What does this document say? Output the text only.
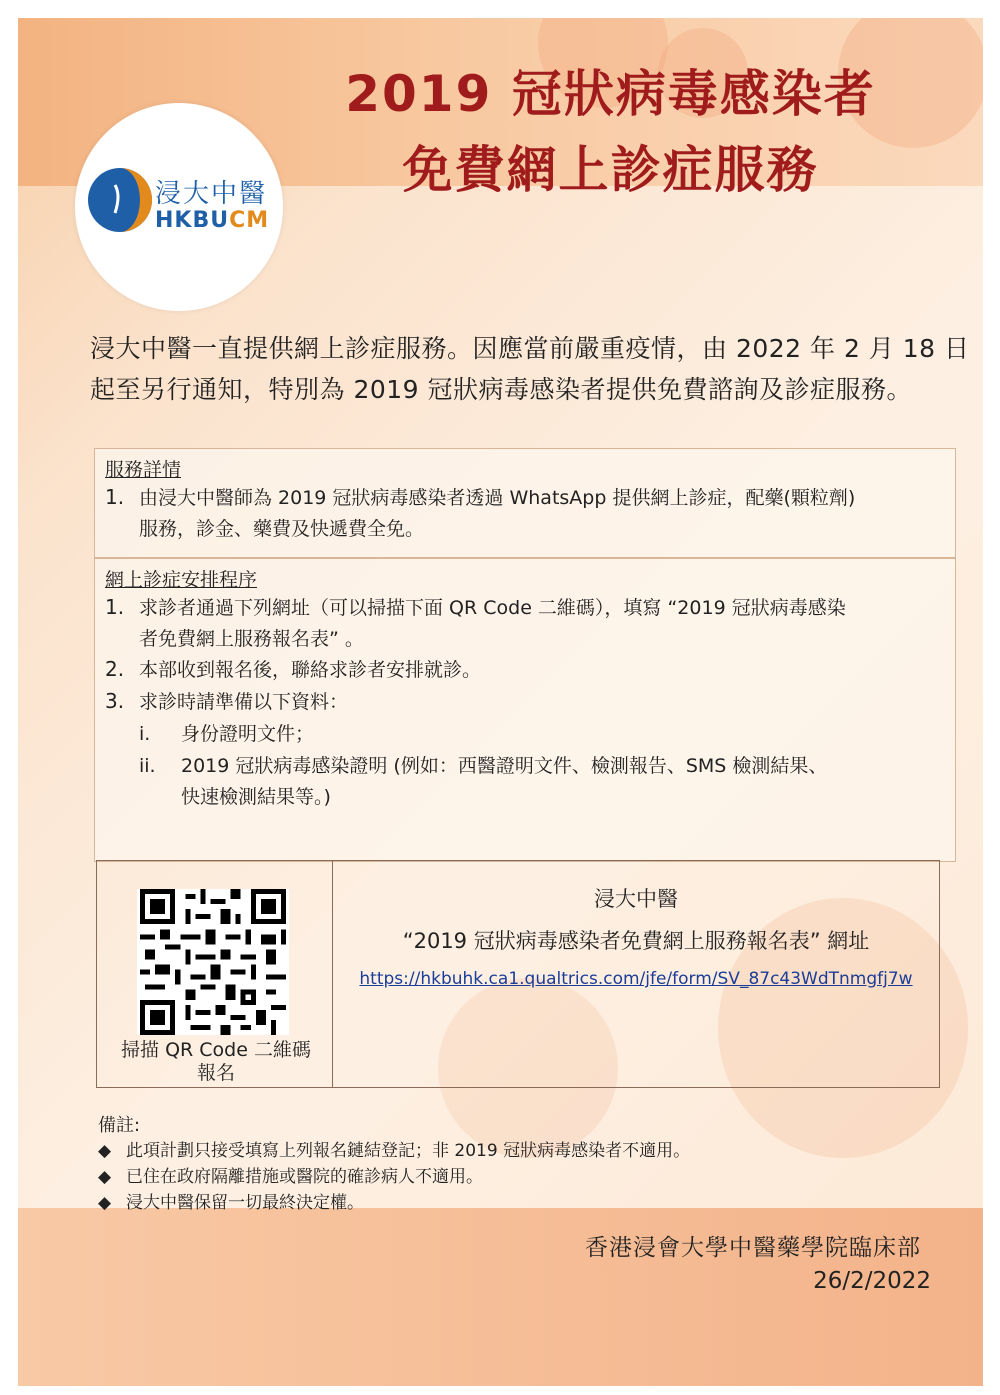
2019 冠狀病毒感染者
免費網上診症服務
浸大中醫
HKBUCM
浸大中醫一直提供網上診症服務。因應當前嚴重疫情，由 2022 年 2 月 18 日起至另行通知，特別為 2019 冠狀病毒感染者提供免費諮詢及診症服務。
服務詳情
1. 由浸大中醫師為 2019 冠狀病毒感染者透過 WhatsApp 提供網上診症，配藥(顆粒劑)
服務，診金、藥費及快遞費全免。
網上診症安排程序
1. 求診者通過下列網址（可以掃描下面 QR Code 二維碼），填寫 “2019 冠狀病毒感染
者免費網上服務報名表” 。
2. 本部收到報名後，聯絡求診者安排就診。
3. 求診時請準備以下資料：
i. 身份證明文件；
ii. 2019 冠狀病毒感染證明 (例如：西醫證明文件、檢測報告、SMS 檢測結果、
快速檢測結果等。)
掃描 QR Code 二維碼
報名
浸大中醫
“2019 冠狀病毒感染者免費網上服務報名表” 網址
https://hkbuhk.ca1.qualtrics.com/jfe/form/SV_87c43WdTnmgfj7w
備註:
◆ 此項計劃只接受填寫上列報名鏈結登記；非 2019 冠狀病毒感染者不適用。
◆ 已住在政府隔離措施或醫院的確診病人不適用。
◆ 浸大中醫保留一切最終決定權。
香港浸會大學中醫藥學院臨床部
26/2/2022
